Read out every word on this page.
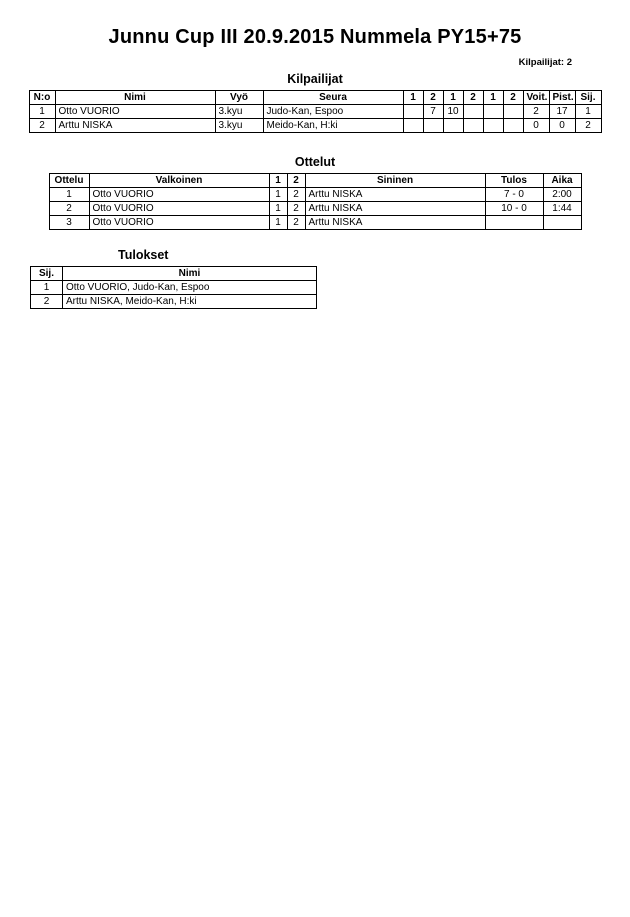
Junnu Cup III 20.9.2015 Nummela PY15+75
Kilpailijat: 2
Kilpailijat
N:o	Nimi	Vyö	Seura	1	2	1	2	1	2	Voit.	Pist.	Sij.
1	Otto VUORIO	3.kyu	Judo-Kan, Espoo		7	10				2	17	1
2	Arttu NISKA	3.kyu	Meido-Kan, H:ki							0	0	2
Ottelut
Ottelu	Valkoinen	1	2	Sininen	Tulos	Aika
1	Otto VUORIO	1	2	Arttu NISKA	7 - 0	2:00
2	Otto VUORIO	1	2	Arttu NISKA	10 - 0	1:44
3	Otto VUORIO	1	2	Arttu NISKA		
Tulokset
Sij.	Nimi
1	Otto VUORIO, Judo-Kan, Espoo
2	Arttu NISKA, Meido-Kan, H:ki
